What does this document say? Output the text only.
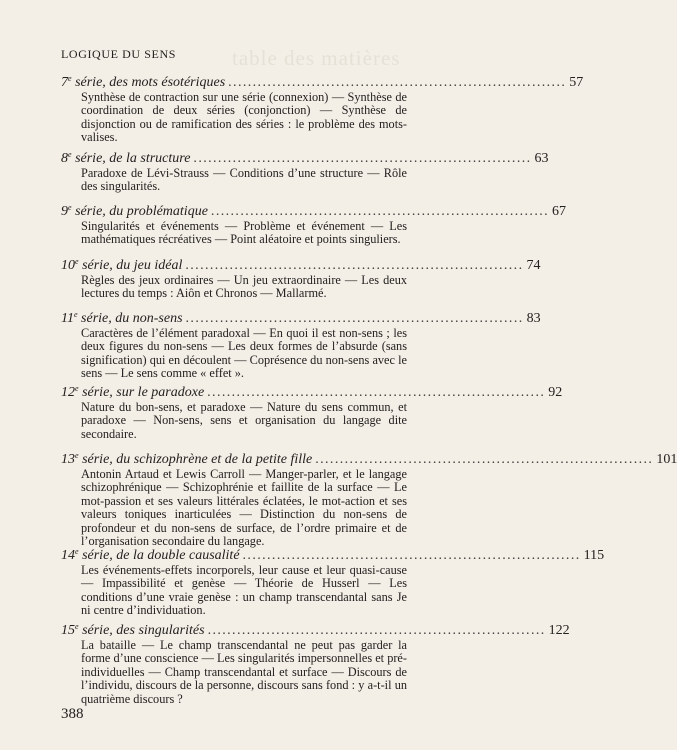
table des matières
LOGIQUE DU SENS
7e série, des mots ésotériques ..................................................................... 57
Synthèse de contraction sur une série (connexion) — Synthèse de coordination de deux séries (conjonction) — Synthèse de disjonction ou de ramification des séries : le problème des mots-valises.
8e série, de la structure ..................................................................... 63
Paradoxe de Lévi-Strauss — Conditions d’une structure — Rôle des singularités.
9e série, du problématique ..................................................................... 67
Singularités et événements — Problème et événement — Les mathématiques récréatives — Point aléatoire et points singuliers.
10e série, du jeu idéal ..................................................................... 74
Règles des jeux ordinaires — Un jeu extraordinaire — Les deux lectures du temps : Aiôn et Chronos — Mallarmé.
11e série, du non-sens ..................................................................... 83
Caractères de l’élément paradoxal — En quoi il est non-sens ; les deux figures du non-sens — Les deux formes de l’absurde (sans signification) qui en découlent — Coprésence du non-sens avec le sens — Le sens comme « effet ».
12e série, sur le paradoxe ..................................................................... 92
Nature du bon-sens, et paradoxe — Nature du sens commun, et paradoxe — Non-sens, sens et organisation du langage dite secondaire.
13e série, du schizophrène et de la petite fille ..................................................................... 101
Antonin Artaud et Lewis Carroll — Manger-parler, et le langage schizophrénique — Schizophrénie et faillite de la surface — Le mot-passion et ses valeurs littérales éclatées, le mot-action et ses valeurs toniques inarticulées — Distinction du non-sens de profondeur et du non-sens de surface, de l’ordre primaire et de l’organisation secondaire du langage.
14e série, de la double causalité ..................................................................... 115
Les événements-effets incorporels, leur cause et leur quasi-cause — Impassibilité et genèse — Théorie de Husserl — Les conditions d’une vraie genèse : un champ transcendantal sans Je ni centre d’individuation.
15e série, des singularités ..................................................................... 122
La bataille — Le champ transcendantal ne peut pas garder la forme d’une conscience — Les singularités impersonnelles et pré-individuelles — Champ transcendantal et surface — Discours de l’individu, discours de la personne, discours sans fond : y a-t-il un quatrième discours ?
388
